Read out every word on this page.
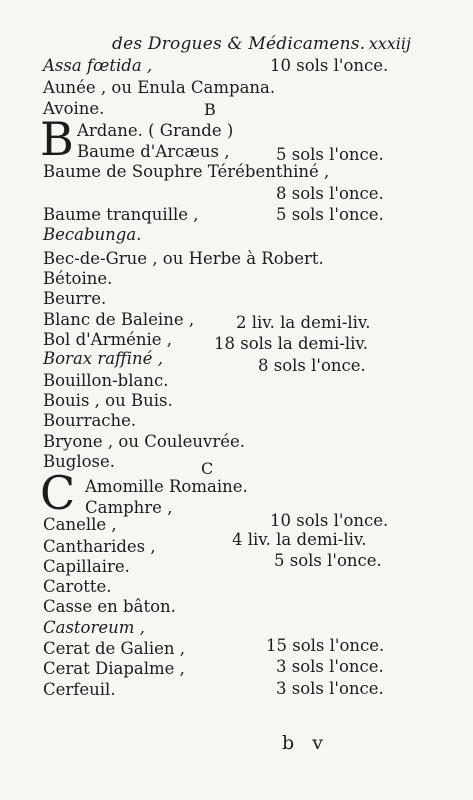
des Drogues & Médicamens. xxxiij
Assa fœtida ,	10 sols l'once.
Aunée , ou Enula Campana.
Avoine.	B
B Ardane. ( Grande )
Baume d'Arcæus ,	5 sols l'once.
Baume de Souphre Térébenthiné ,
8 sols l'once.
Baume tranquille ,	5 sols l'once.
Becabunga.
Bec-de-Grue , ou Herbe à Robert.
Bétoine.
Beurre.
Blanc de Baleine ,	2 liv. la demi-liv.
Bol d'Arménie ,	18 sols la demi-liv.
Borax raffiné ,	8 sols l'once.
Bouillon-blanc.
Bouis , ou Buis.
Bourrache.
Bryone , ou Couleuvrée.
Buglose.	C
C Amomille Romaine.
Camphre ,
Canelle ,	10 sols l'once.
Cantharides ,	4 liv. la demi-liv.
Capillaire.	5 sols l'once.
Carotte.
Casse en bâton.
Castoreum ,
Cerat de Galien ,	15 sols l'once.
Cerat Diapalme ,	3 sols l'once.
Cerfeuil.	3 sols l'once.
b v
